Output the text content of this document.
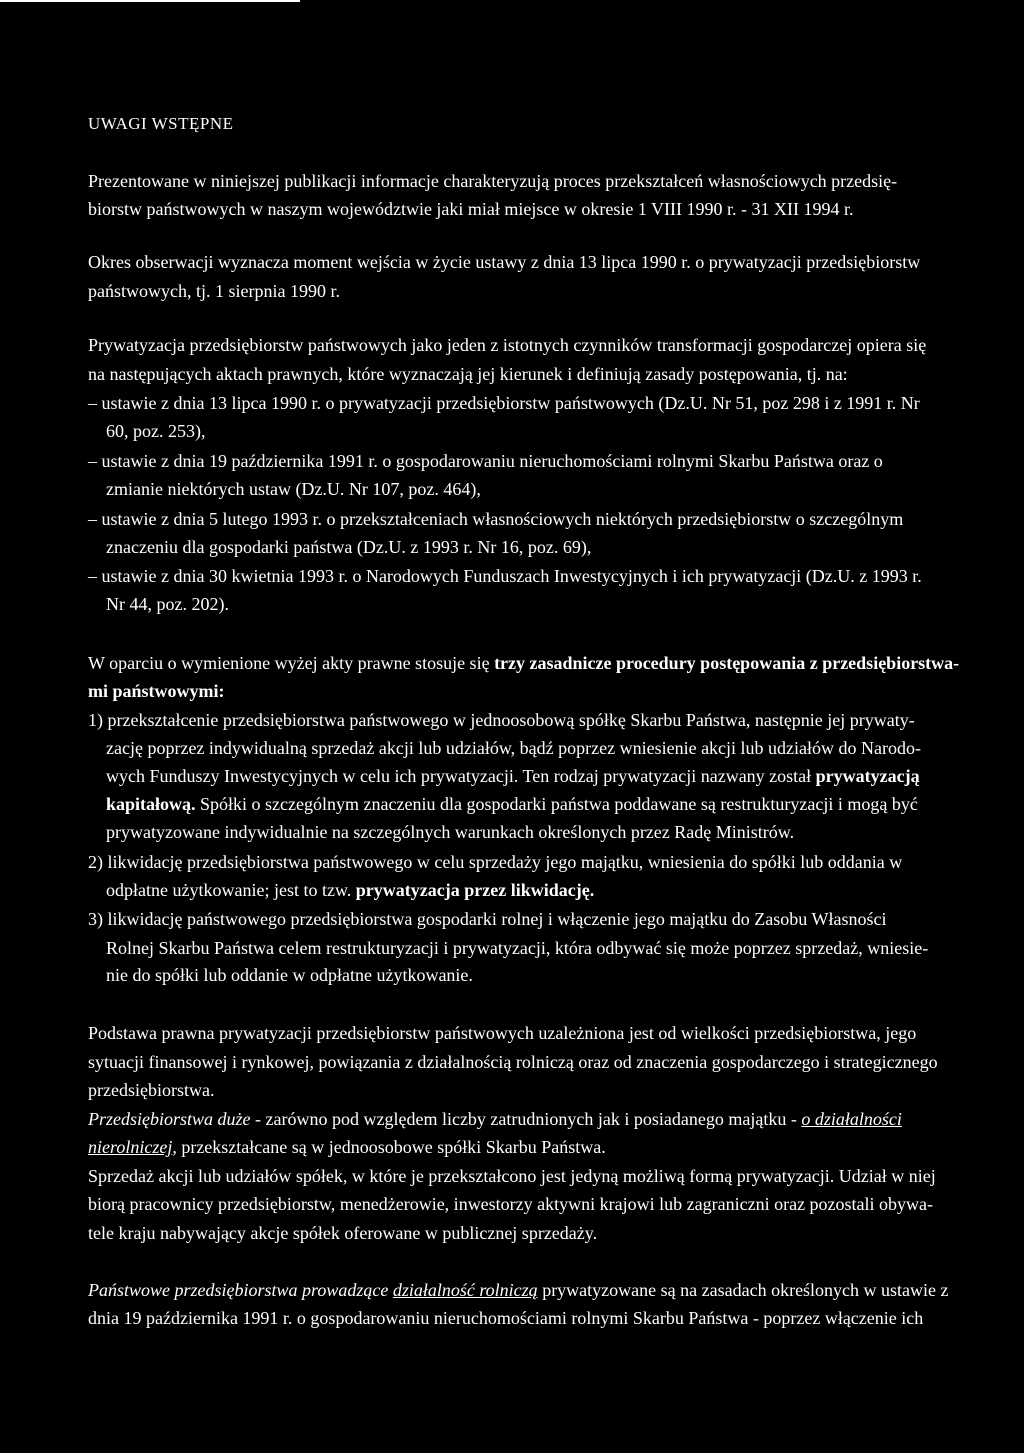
UWAGI WSTĘPNE
Prezentowane w niniejszej publikacji informacje charakteryzują proces przekształceń własnościowych przedsię-
biorstw państwowych w naszym województwie jaki miał miejsce w okresie 1 VIII 1990 r. - 31 XII 1994 r.
Okres obserwacji wyznacza moment wejścia w życie ustawy z dnia 13 lipca 1990 r. o prywatyzacji przedsiębiorstw
państwowych, tj. 1 sierpnia 1990 r.
Prywatyzacja przedsiębiorstw państwowych jako jeden z istotnych czynników transformacji gospodarczej opiera się
na następujących aktach prawnych, które wyznaczają jej kierunek i definiują zasady postępowania, tj. na:
– ustawie z dnia 13 lipca 1990 r. o prywatyzacji przedsiębiorstw państwowych (Dz.U. Nr 51, poz 298 i z 1991 r. Nr
60, poz. 253),
– ustawie z dnia 19 października 1991 r. o gospodarowaniu nieruchomościami rolnymi Skarbu Państwa oraz o
zmianie niektórych ustaw (Dz.U. Nr 107, poz. 464),
– ustawie z dnia 5 lutego 1993 r. o przekształceniach własnościowych niektórych przedsiębiorstw o szczególnym
znaczeniu dla gospodarki państwa (Dz.U. z 1993 r. Nr 16, poz. 69),
– ustawie z dnia 30 kwietnia 1993 r. o Narodowych Funduszach Inwestycyjnych i ich prywatyzacji (Dz.U. z 1993 r.
Nr 44, poz. 202).
W oparciu o wymienione wyżej akty prawne stosuje się trzy zasadnicze procedury postępowania z przedsiębiorstwa-
mi państwowymi:
1) przekształcenie przedsiębiorstwa państwowego w jednoosobową spółkę Skarbu Państwa, następnie jej prywaty-
zację poprzez indywidualną sprzedaż akcji lub udziałów, bądź poprzez wniesienie akcji lub udziałów do Narodo-
wych Funduszy Inwestycyjnych w celu ich prywatyzacji. Ten rodzaj prywatyzacji nazwany został prywatyzacją
kapitałową. Spółki o szczególnym znaczeniu dla gospodarki państwa poddawane są restrukturyzacji i mogą być
prywatyzowane indywidualnie na szczególnych warunkach określonych przez Radę Ministrów.
2) likwidację przedsiębiorstwa państwowego w celu sprzedaży jego majątku, wniesienia do spółki lub oddania w
odpłatne użytkowanie; jest to tzw. prywatyzacja przez likwidację.
3) likwidację państwowego przedsiębiorstwa gospodarki rolnej i włączenie jego majątku do Zasobu Własności
Rolnej Skarbu Państwa celem restrukturyzacji i prywatyzacji, która odbywać się może poprzez sprzedaż, wniesie-
nie do spółki lub oddanie w odpłatne użytkowanie.
Podstawa prawna prywatyzacji przedsiębiorstw państwowych uzależniona jest od wielkości przedsiębiorstwa, jego
sytuacji finansowej i rynkowej, powiązania z działalnością rolniczą oraz od znaczenia gospodarczego i strategicznego
przedsiębiorstwa.
Przedsiębiorstwa duże - zarówno pod względem liczby zatrudnionych jak i posiadanego majątku - o działalności
nierolniczej, przekształcane są w jednoosobowe spółki Skarbu Państwa.
Sprzedaż akcji lub udziałów spółek, w które je przekształcono jest jedyną możliwą formą prywatyzacji. Udział w niej
biorą pracownicy przedsiębiorstw, menedżerowie, inwestorzy aktywni krajowi lub zagraniczni oraz pozostali obywa-
tele kraju nabywający akcje spółek oferowane w publicznej sprzedaży.
Państwowe przedsiębiorstwa prowadzące działalność rolniczą prywatyzowane są na zasadach określonych w ustawie z
dnia 19 października 1991 r. o gospodarowaniu nieruchomościami rolnymi Skarbu Państwa - poprzez włączenie ich
